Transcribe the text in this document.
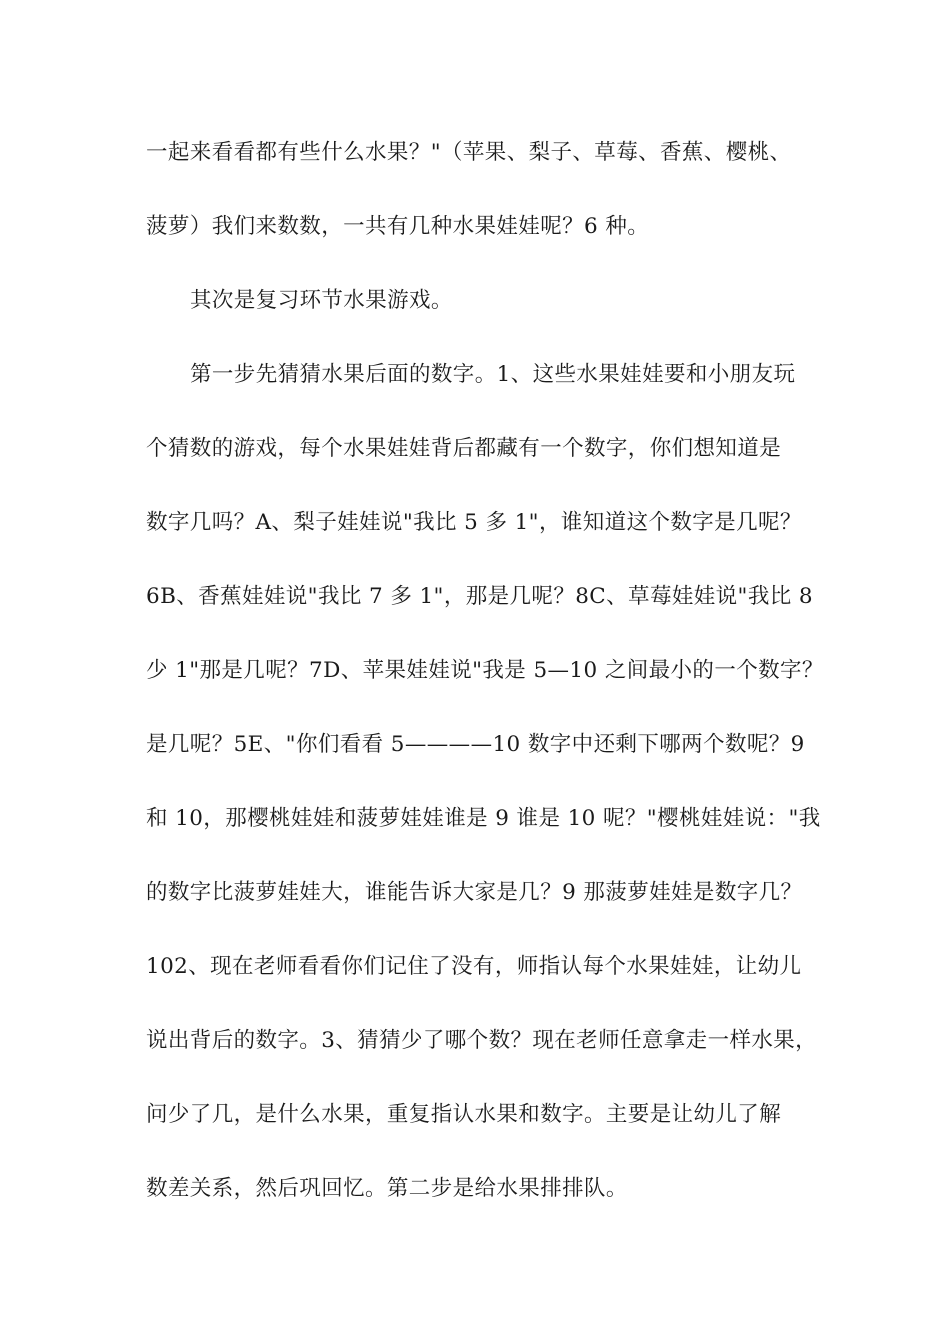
一起来看看都有些什么水果？"（苹果、梨子、草莓、香蕉、樱桃、
菠萝）我们来数数，一共有几种水果娃娃呢？6 种。
其次是复习环节水果游戏。
第一步先猜猜水果后面的数字。1、这些水果娃娃要和小朋友玩
个猜数的游戏，每个水果娃娃背后都藏有一个数字，你们想知道是
数字几吗？A、梨子娃娃说"我比 5 多 1"，谁知道这个数字是几呢？
6B、香蕉娃娃说"我比 7 多 1"，那是几呢？8C、草莓娃娃说"我比 8
少 1"那是几呢？7D、苹果娃娃说"我是 5—10 之间最小的一个数字？
是几呢？5E、"你们看看 5————10 数字中还剩下哪两个数呢？9
和 10，那樱桃娃娃和菠萝娃娃谁是 9 谁是 10 呢？"樱桃娃娃说："我
的数字比菠萝娃娃大，谁能告诉大家是几？9 那菠萝娃娃是数字几？
102、现在老师看看你们记住了没有，师指认每个水果娃娃，让幼儿
说出背后的数字。3、猜猜少了哪个数？现在老师任意拿走一样水果，
问少了几，是什么水果，重复指认水果和数字。主要是让幼儿了解
数差关系，然后巩回忆。第二步是给水果排排队。
